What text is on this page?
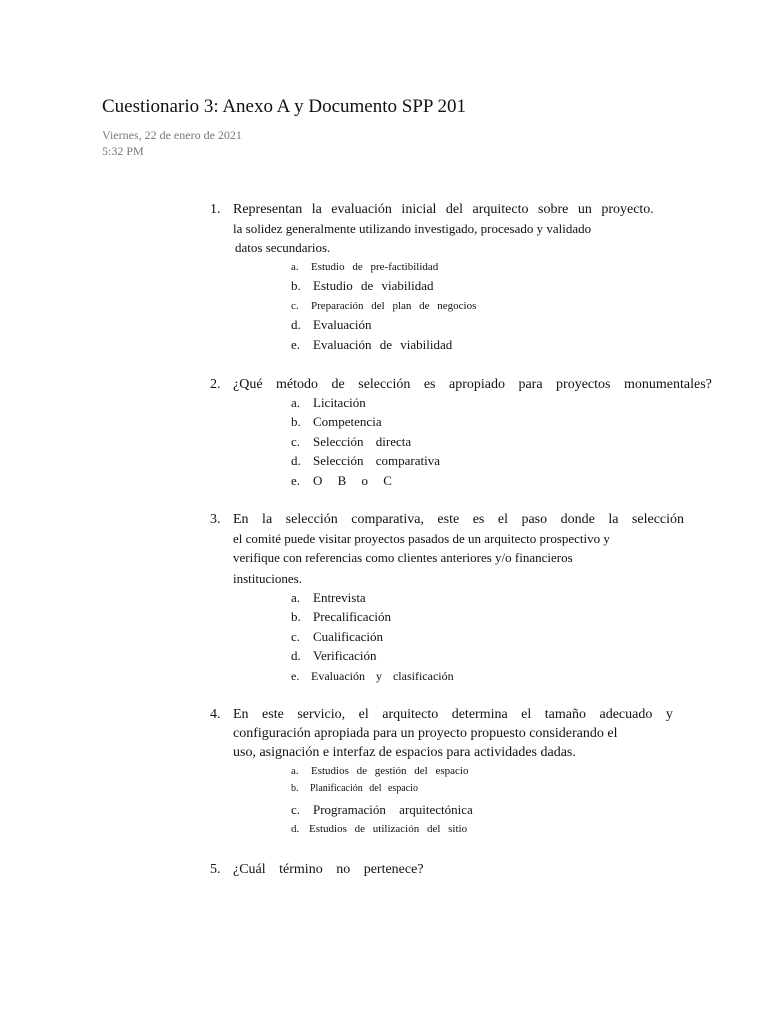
Cuestionario 3: Anexo A y Documento SPP 201
Viernes, 22 de enero de 2021
5:32 PM
1. Representan la evaluación inicial del arquitecto sobre un proyecto.
la solidez generalmente utilizando investigado, procesado y validado
datos secundarios.
a. Estudio de pre-factibilidad
b. Estudio de viabilidad
c. Preparación del plan de negocios
d. Evaluación
e. Evaluación de viabilidad
2. ¿Qué método de selección es apropiado para proyectos monumentales?
a. Licitación
b. Competencia
c. Selección directa
d. Selección comparativa
e. O B o C
3. En la selección comparativa, este es el paso donde la selección
el comité puede visitar proyectos pasados de un arquitecto prospectivo y
verifique con referencias como clientes anteriores y/o financieros
instituciones.
a. Entrevista
b. Precalificación
c. Cualificación
d. Verificación
e. Evaluación y clasificación
4. En este servicio, el arquitecto determina el tamaño adecuado y
configuración apropiada para un proyecto propuesto considerando el
uso, asignación e interfaz de espacios para actividades dadas.
a. Estudios de gestión del espacio
b. Planificación del espacio
c. Programación arquitectónica
d. Estudios de utilización del sitio
5. ¿Cuál término no pertenece?
